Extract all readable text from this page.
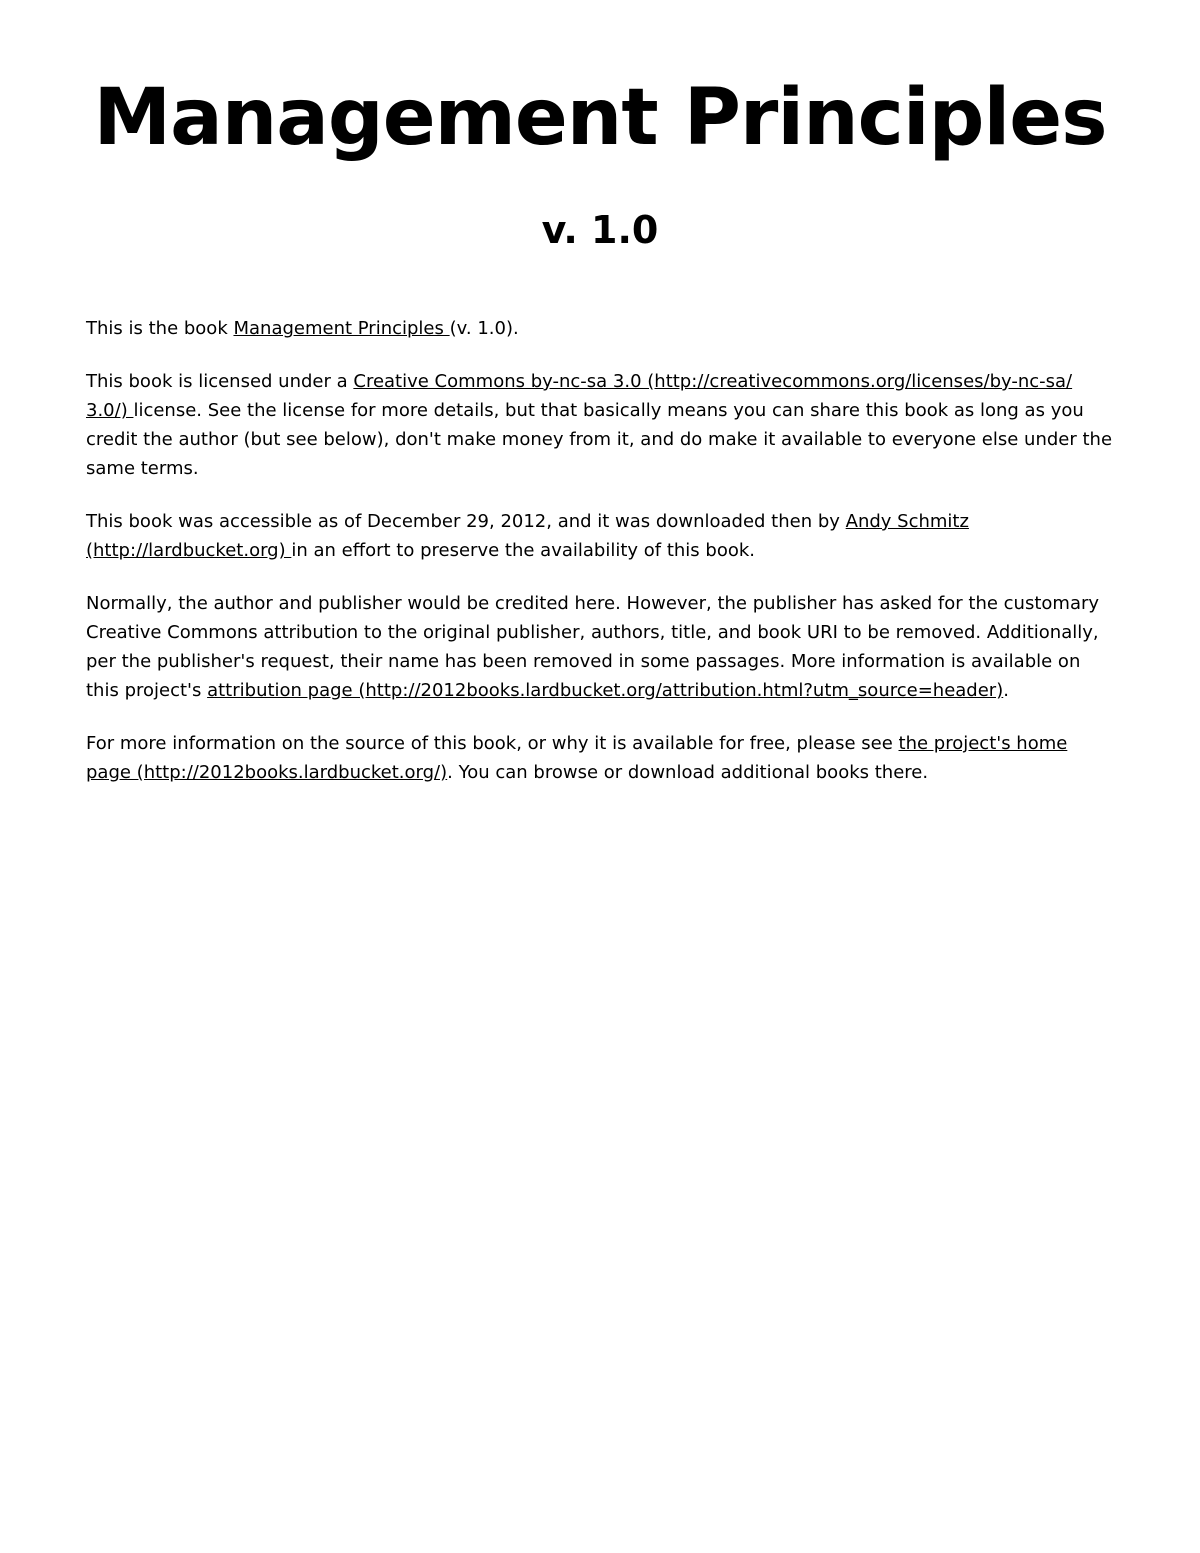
Management Principles
v. 1.0

This is the book Management Principles (v. 1.0).

This book is licensed under a Creative Commons by-nc-sa 3.0 (http://creativecommons.org/licenses/by-nc-sa/ 3.0/) license. See the license for more details, but that basically means you can share this book as long as you credit the author (but see below), don't make money from it, and do make it available to everyone else under the same terms.

This book was accessible as of December 29, 2012, and it was downloaded then by Andy Schmitz (http://lardbucket.org) in an effort to preserve the availability of this book.

Normally, the author and publisher would be credited here. However, the publisher has asked for the customary Creative Commons attribution to the original publisher, authors, title, and book URI to be removed. Additionally, per the publisher's request, their name has been removed in some passages. More information is available on this project's attribution page (http://2012books.lardbucket.org/attribution.html?utm_source=header).

For more information on the source of this book, or why it is available for free, please see the project's home page (http://2012books.lardbucket.org/). You can browse or download additional books there.
